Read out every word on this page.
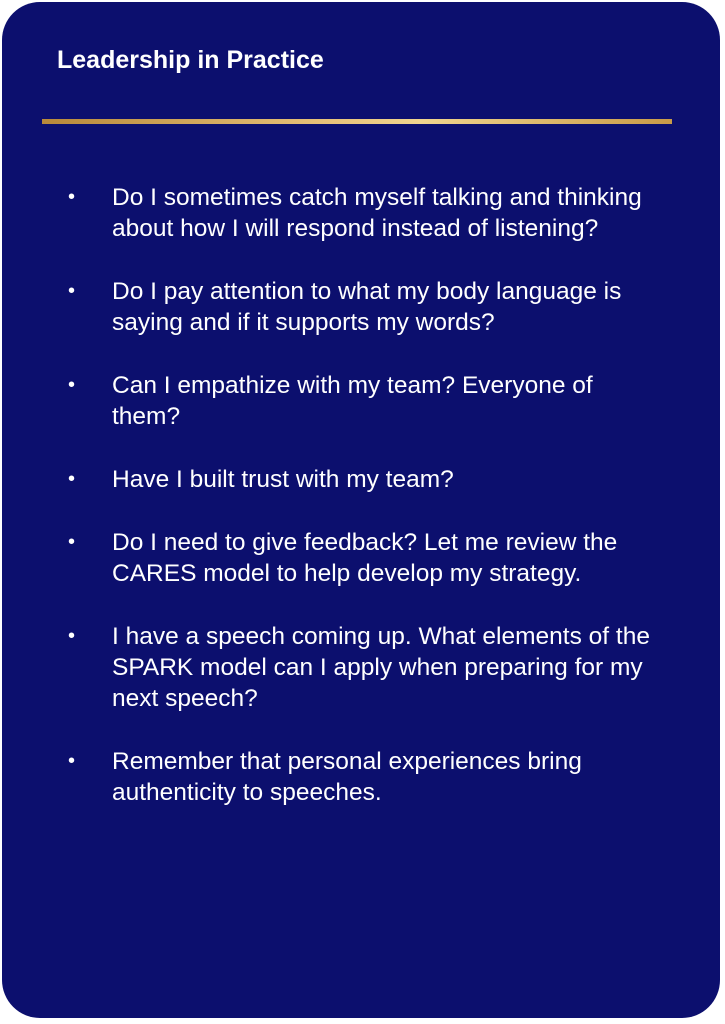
Leadership in Practice
• Do I sometimes catch myself talking and thinking about how I will respond instead of listening?
• Do I pay attention to what my body language is saying and if it supports my words?
• Can I empathize with my team? Everyone of them?
• Have I built trust with my team?
• Do I need to give feedback? Let me review the CARES model to help develop my strategy.
• I have a speech coming up. What elements of the SPARK model can I apply when preparing for my next speech?
• Remember that personal experiences bring authenticity to speeches.
